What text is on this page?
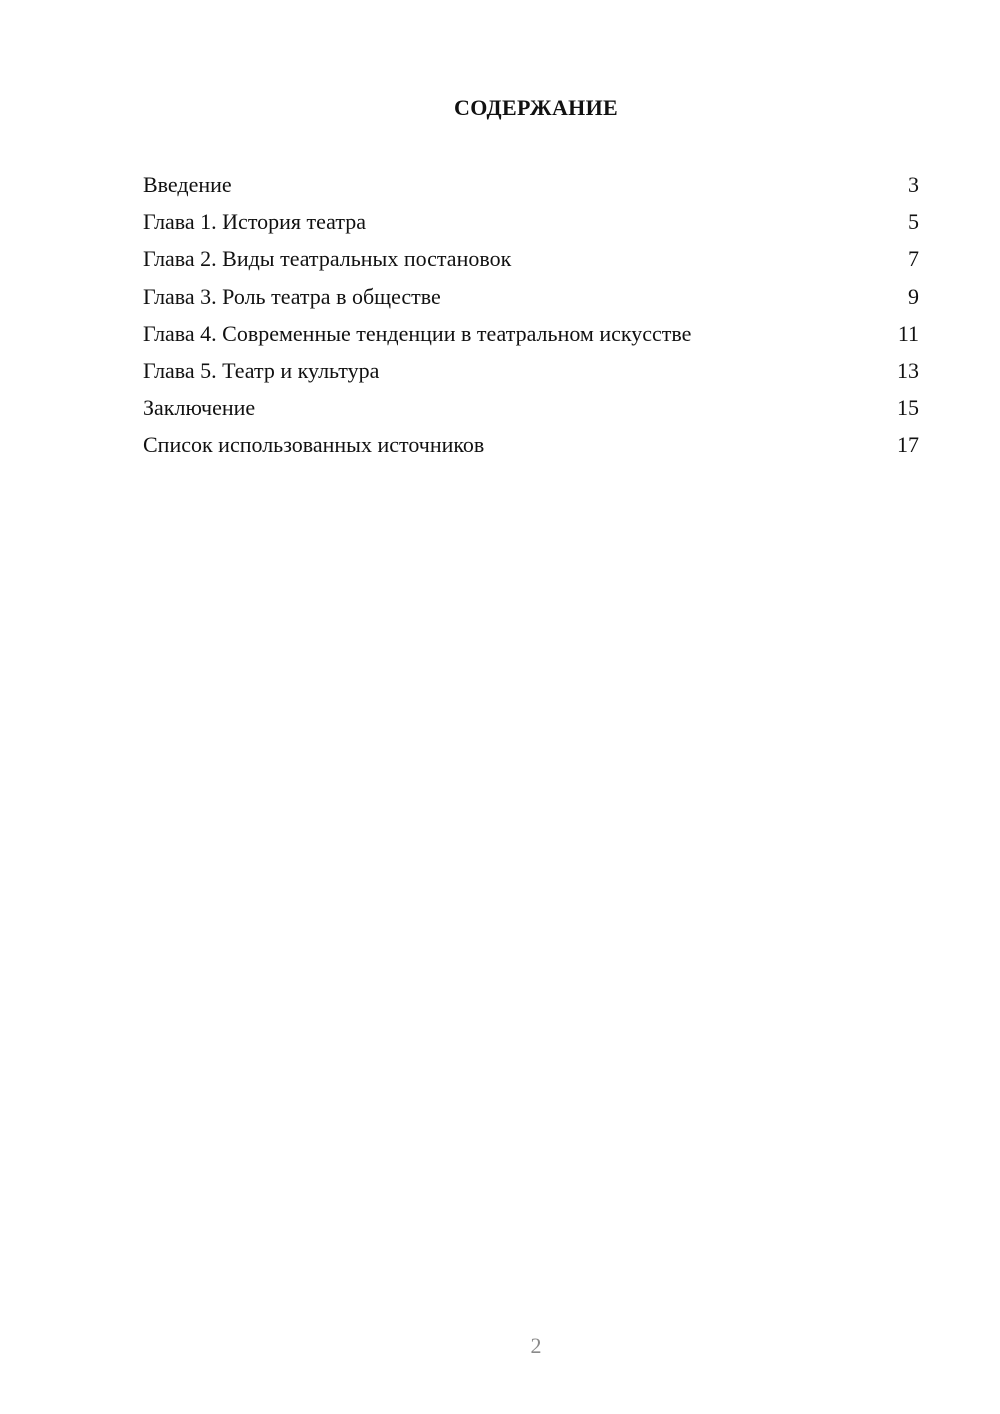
СОДЕРЖАНИЕ
Введение	3
Глава 1. История театра	5
Глава 2. Виды театральных постановок	7
Глава 3. Роль театра в обществе	9
Глава 4. Современные тенденции в театральном искусстве	11
Глава 5. Театр и культура	13
Заключение	15
Список использованных источников	17
2
